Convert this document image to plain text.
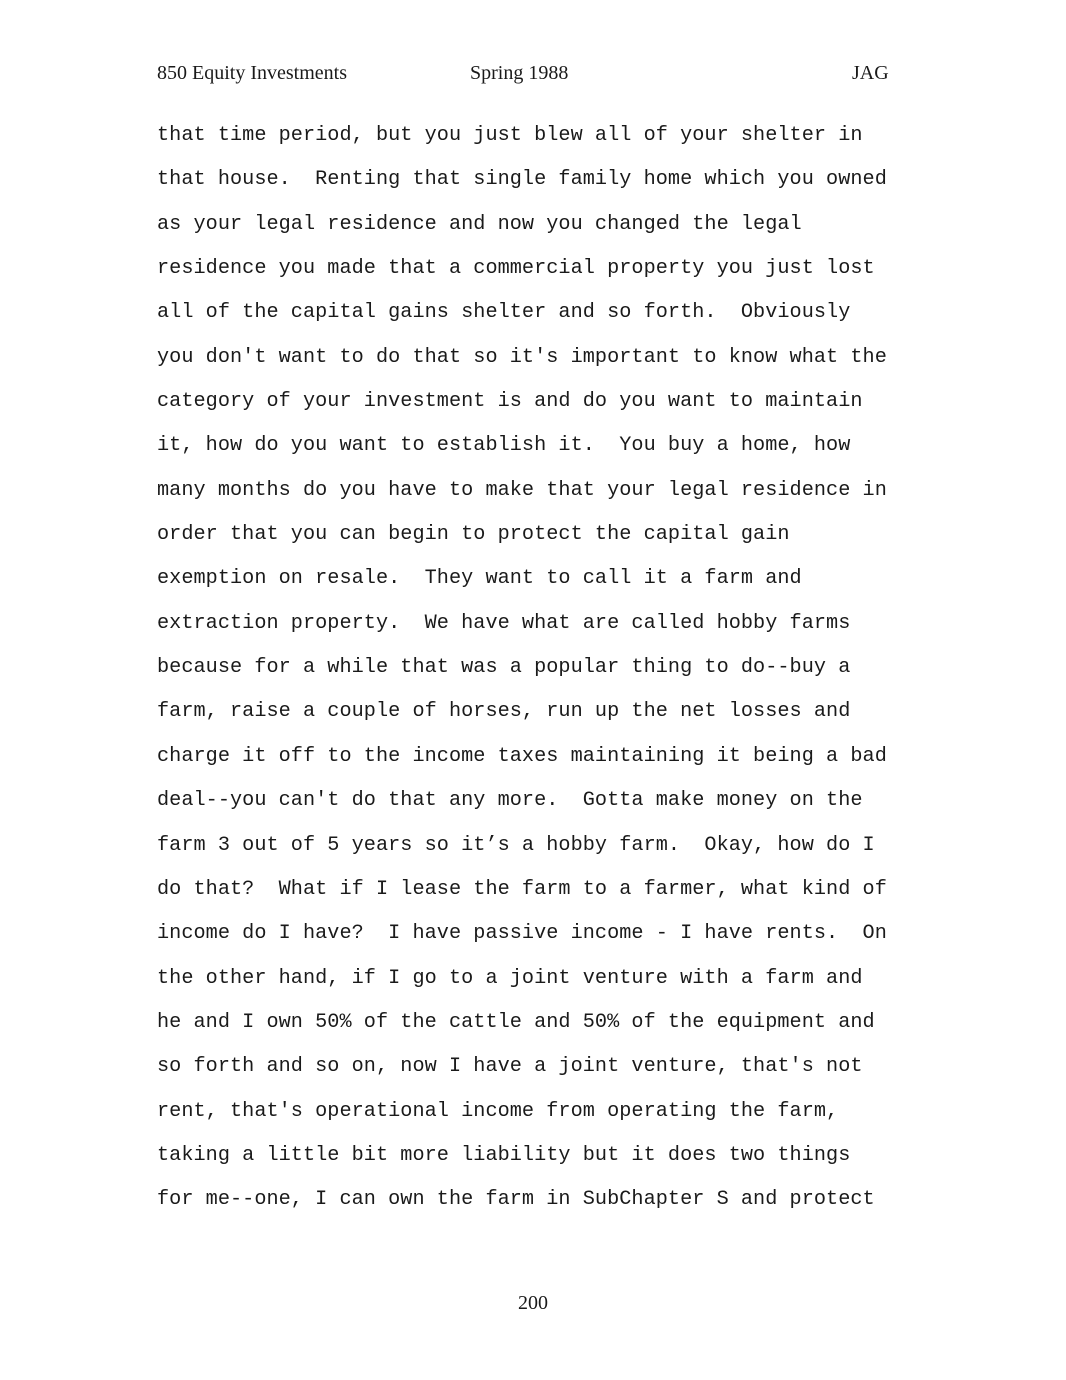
850 Equity Investments	Spring 1988	JAG
that time period, but you just blew all of your shelter in
that house.  Renting that single family home which you owned
as your legal residence and now you changed the legal
residence you made that a commercial property you just lost
all of the capital gains shelter and so forth.  Obviously
you don't want to do that so it's important to know what the
category of your investment is and do you want to maintain
it, how do you want to establish it.  You buy a home, how
many months do you have to make that your legal residence in
order that you can begin to protect the capital gain
exemption on resale.  They want to call it a farm and
extraction property.  We have what are called hobby farms
because for a while that was a popular thing to do--buy a
farm, raise a couple of horses, run up the net losses and
charge it off to the income taxes maintaining it being a bad
deal--you can't do that any more.  Gotta make money on the
farm 3 out of 5 years so it’s a hobby farm.  Okay, how do I
do that?  What if I lease the farm to a farmer, what kind of
income do I have?  I have passive income - I have rents.  On
the other hand, if I go to a joint venture with a farm and
he and I own 50% of the cattle and 50% of the equipment and
so forth and so on, now I have a joint venture, that's not
rent, that's operational income from operating the farm,
taking a little bit more liability but it does two things
for me--one, I can own the farm in SubChapter S and protect
200
